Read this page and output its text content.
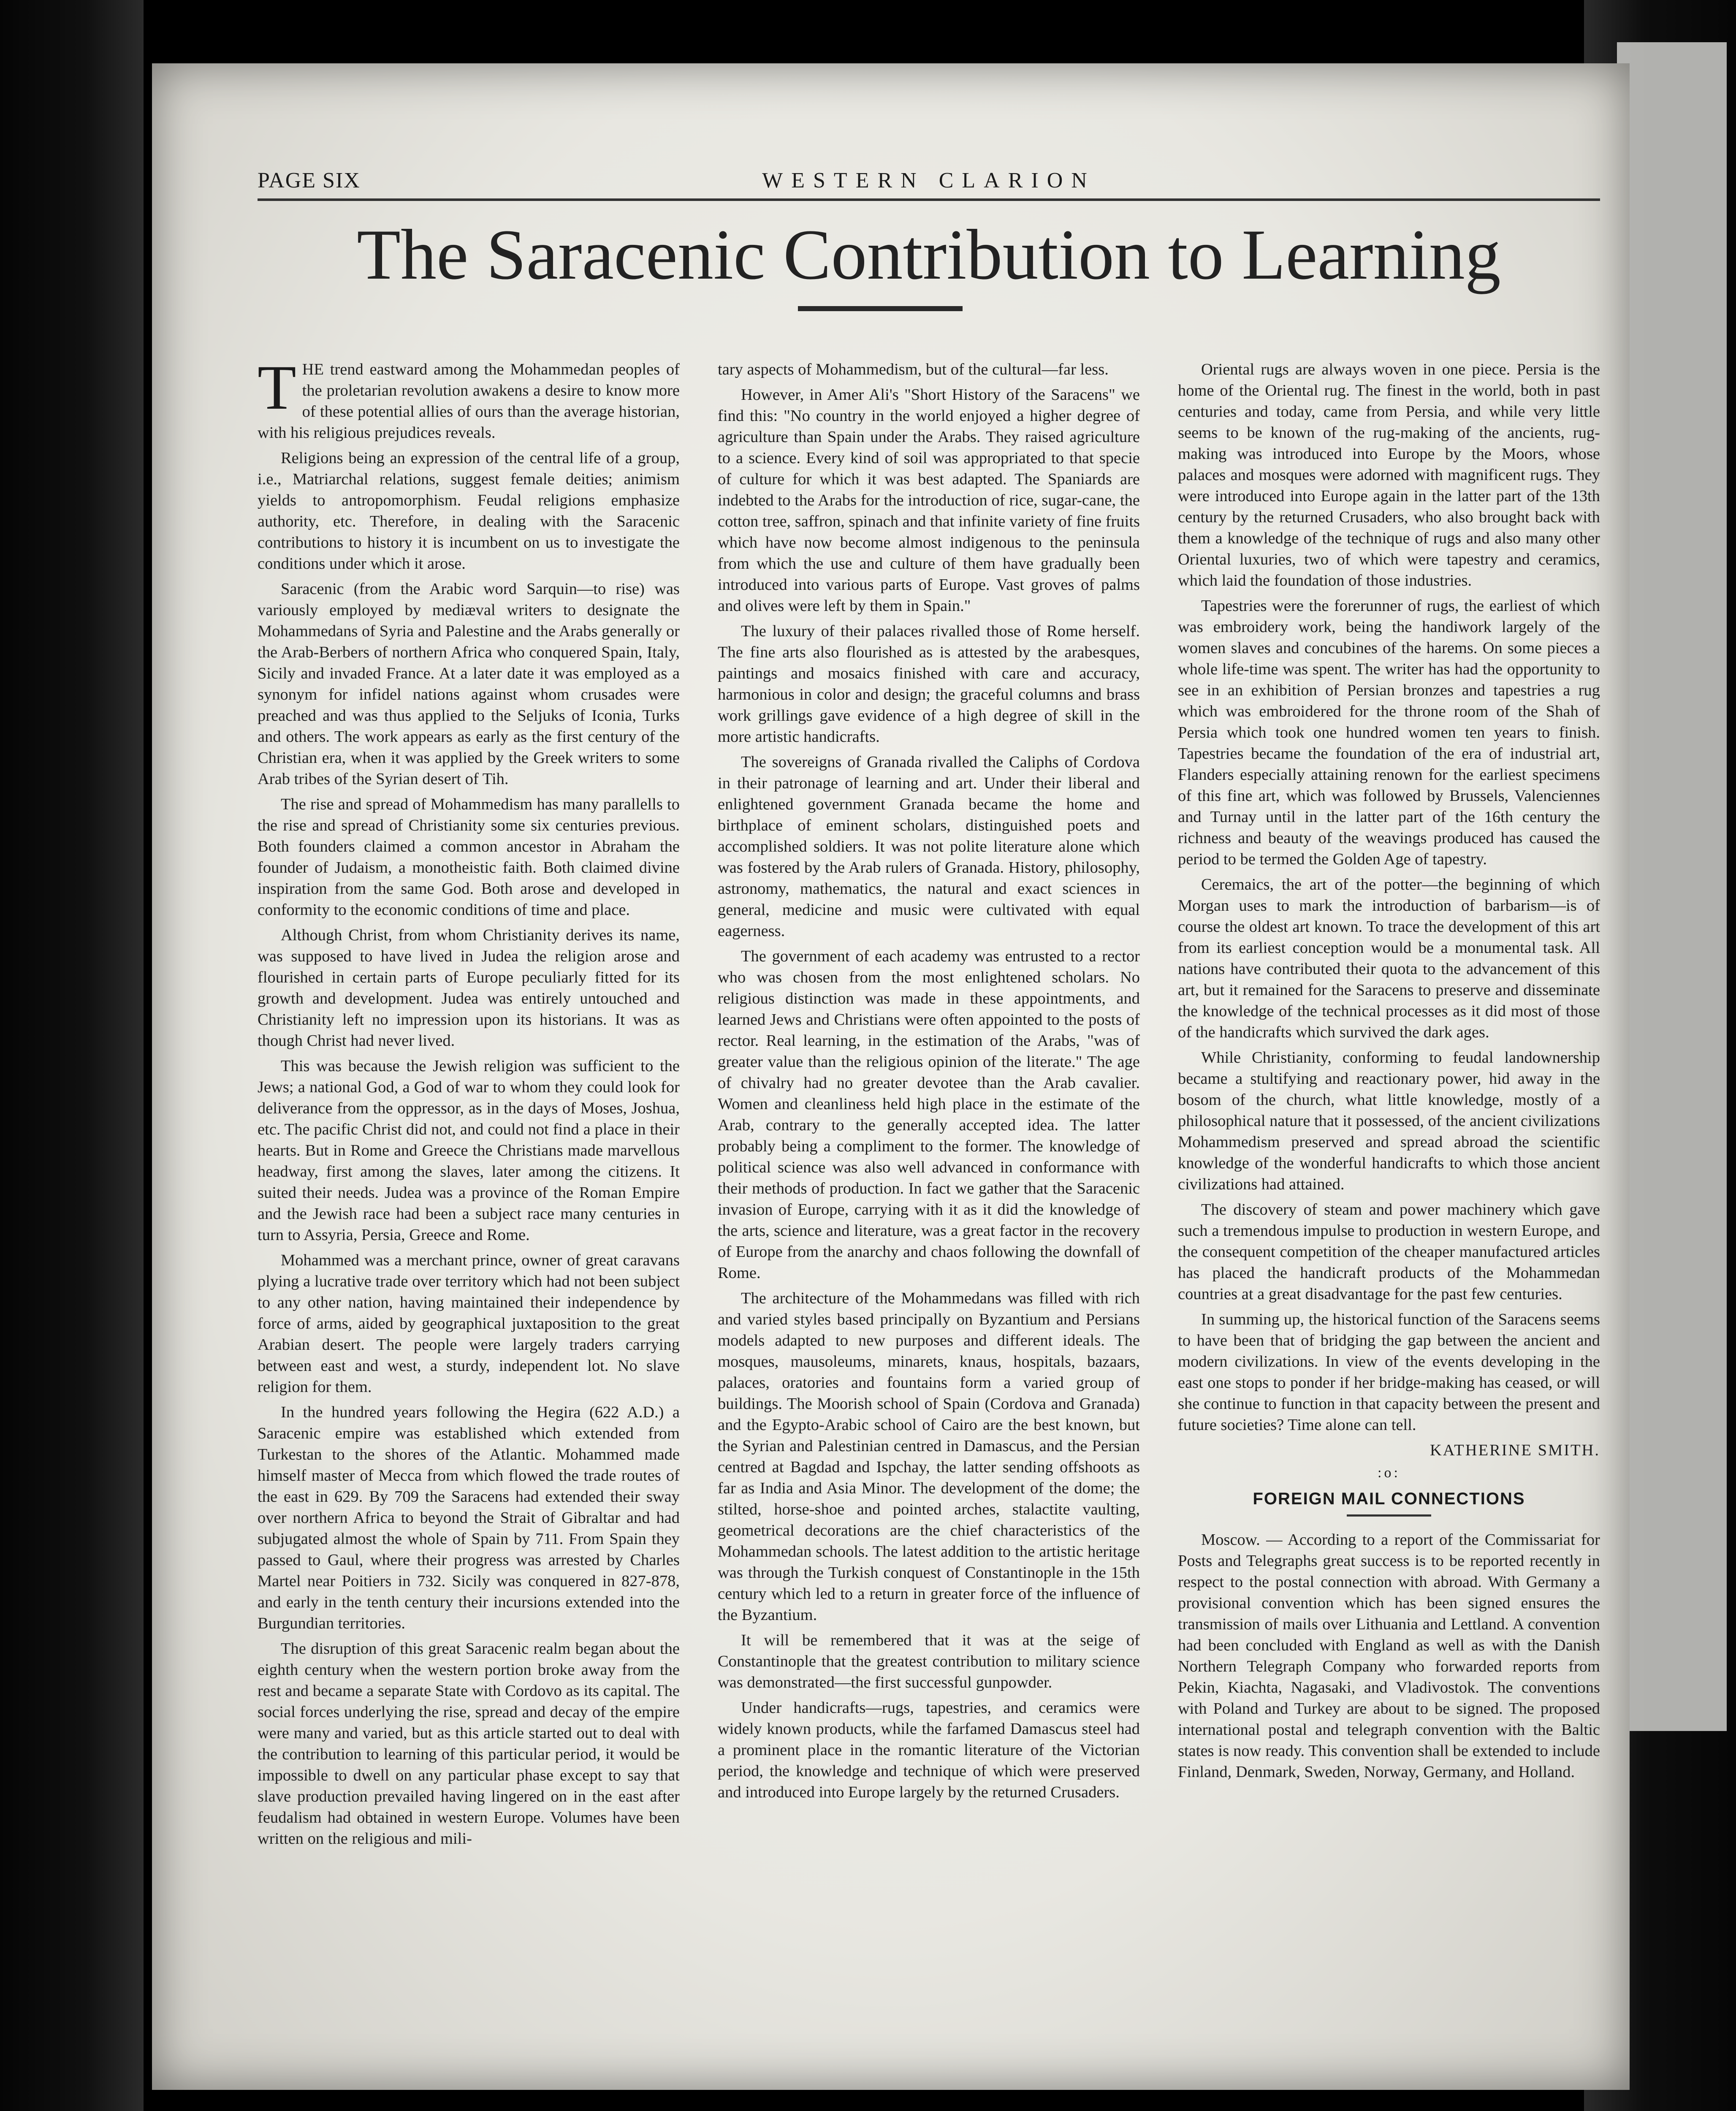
PAGE SIX	WESTERN CLARION
The Saracenic Contribution to Learning
T HE trend eastward among the Mohammedan peoples of the proletarian revolution awakens a desire to know more of these potential allies of ours than the average historian, with his religious prejudices reveals.

Religions being an expression of the central life of a group, i.e., Matriarchal relations, suggest female deities; animism yields to antropomorphism. Feudal religions emphasize authority, etc. Therefore, in dealing with the Saracenic contributions to history it is incumbent on us to investigate the conditions under which it arose.

Saracenic (from the Arabic word Sarquin—to rise) was variously employed by mediæval writers to designate the Mohammedans of Syria and Palestine and the Arabs generally or the Arab-Berbers of northern Africa who conquered Spain, Italy, Sicily and invaded France. At a later date it was employed as a synonym for infidel nations against whom crusades were preached and was thus applied to the Seljuks of Iconia, Turks and others. The work appears as early as the first century of the Christian era, when it was applied by the Greek writers to some Arab tribes of the Syrian desert of Tih.

The rise and spread of Mohammedism has many parallells to the rise and spread of Christianity some six centuries previous. Both founders claimed a common ancestor in Abraham the founder of Judaism, a monotheistic faith. Both claimed divine inspiration from the same God. Both arose and developed in conformity to the economic conditions of time and place.

Although Christ, from whom Christianity derives its name, was supposed to have lived in Judea the religion arose and flourished in certain parts of Europe peculiarly fitted for its growth and development. Judea was entirely untouched and Christianity left no impression upon its historians. It was as though Christ had never lived.

This was because the Jewish religion was sufficient to the Jews; a national God, a God of war to whom they could look for deliverance from the oppressor, as in the days of Moses, Joshua, etc. The pacific Christ did not, and could not find a place in their hearts. But in Rome and Greece the Christians made marvellous headway, first among the slaves, later among the citizens. It suited their needs. Judea was a province of the Roman Empire and the Jewish race had been a subject race many centuries in turn to Assyria, Persia, Greece and Rome.

Mohammed was a merchant prince, owner of great caravans plying a lucrative trade over territory which had not been subject to any other nation, having maintained their independence by force of arms, aided by geographical juxtaposition to the great Arabian desert. The people were largely traders carrying between east and west, a sturdy, independent lot. No slave religion for them.

In the hundred years following the Hegira (622 A.D.) a Saracenic empire was established which extended from Turkestan to the shores of the Atlantic. Mohammed made himself master of Mecca from which flowed the trade routes of the east in 629. By 709 the Saracens had extended their sway over northern Africa to beyond the Strait of Gibraltar and had subjugated almost the whole of Spain by 711. From Spain they passed to Gaul, where their progress was arrested by Charles Martel near Poitiers in 732. Sicily was conquered in 827-878, and early in the tenth century their incursions extended into the Burgundian territories.

The disruption of this great Saracenic realm began about the eighth century when the western portion broke away from the rest and became a separate State with Cordovo as its capital. The social forces underlying the rise, spread and decay of the empire were many and varied, but as this article started out to deal with the contribution to learning of this particular period, it would be impossible to dwell on any particular phase except to say that slave production prevailed having lingered on in the east after feudalism had obtained in western Europe. Volumes have been written on the religious and mili-

tary aspects of Mohammedism, but of the cultural—far less.

However, in Amer Ali's "Short History of the Saracens" we find this: "No country in the world enjoyed a higher degree of agriculture than Spain under the Arabs. They raised agriculture to a science. Every kind of soil was appropriated to that specie of culture for which it was best adapted. The Spaniards are indebted to the Arabs for the introduction of rice, sugar-cane, the cotton tree, saffron, spinach and that infinite variety of fine fruits which have now become almost indigenous to the peninsula from which the use and culture of them have gradually been introduced into various parts of Europe. Vast groves of palms and olives were left by them in Spain."

The luxury of their palaces rivalled those of Rome herself. The fine arts also flourished as is attested by the arabesques, paintings and mosaics finished with care and accuracy, harmonious in color and design; the graceful columns and brass work grillings gave evidence of a high degree of skill in the more artistic handicrafts.

The sovereigns of Granada rivalled the Caliphs of Cordova in their patronage of learning and art. Under their liberal and enlightened government Granada became the home and birthplace of eminent scholars, distinguished poets and accomplished soldiers. It was not polite literature alone which was fostered by the Arab rulers of Granada. History, philosophy, astronomy, mathematics, the natural and exact sciences in general, medicine and music were cultivated with equal eagerness.

The government of each academy was entrusted to a rector who was chosen from the most enlightened scholars. No religious distinction was made in these appointments, and learned Jews and Christians were often appointed to the posts of rector. Real learning, in the estimation of the Arabs, "was of greater value than the religious opinion of the literate." The age of chivalry had no greater devotee than the Arab cavalier. Women and cleanliness held high place in the estimate of the Arab, contrary to the generally accepted idea. The latter probably being a compliment to the former. The knowledge of political science was also well advanced in conformance with their methods of production. In fact we gather that the Saracenic invasion of Europe, carrying with it as it did the knowledge of the arts, science and literature, was a great factor in the recovery of Europe from the anarchy and chaos following the downfall of Rome.

The architecture of the Mohammedans was filled with rich and varied styles based principally on Byzantium and Persians models adapted to new purposes and different ideals. The mosques, mausoleums, minarets, knaus, hospitals, bazaars, palaces, oratories and fountains form a varied group of buildings. The Moorish school of Spain (Cordova and Granada) and the Egypto-Arabic school of Cairo are the best known, but the Syrian and Palestinian centred in Damascus, and the Persian centred at Bagdad and Ispchay, the latter sending offshoots as far as India and Asia Minor. The development of the dome; the stilted, horse-shoe and pointed arches, stalactite vaulting, geometrical decorations are the chief characteristics of the Mohammedan schools. The latest addition to the artistic heritage was through the Turkish conquest of Constantinople in the 15th century which led to a return in greater force of the influence of the Byzantium.

It will be remembered that it was at the seige of Constantinople that the greatest contribution to military science was demonstrated—the first successful gunpowder.

Under handicrafts—rugs, tapestries, and ceramics were widely known products, while the farfamed Damascus steel had a prominent place in the romantic literature of the Victorian period, the knowledge and technique of which were preserved and introduced into Europe largely by the returned Crusaders.

Oriental rugs are always woven in one piece. Persia is the home of the Oriental rug. The finest in the world, both in past centuries and today, came from Persia, and while very little seems to be known of the rug-making of the ancients, rug-making was introduced into Europe by the Moors, whose palaces and mosques were adorned with magnificent rugs. They were introduced into Europe again in the latter part of the 13th century by the returned Crusaders, who also brought back with them a knowledge of the technique of rugs and also many other Oriental luxuries, two of which were tapestry and ceramics, which laid the foundation of those industries.

Tapestries were the forerunner of rugs, the earliest of which was embroidery work, being the handiwork largely of the women slaves and concubines of the harems. On some pieces a whole life-time was spent. The writer has had the opportunity to see in an exhibition of Persian bronzes and tapestries a rug which was embroidered for the throne room of the Shah of Persia which took one hundred women ten years to finish. Tapestries became the foundation of the era of industrial art, Flanders especially attaining renown for the earliest specimens of this fine art, which was followed by Brussels, Valenciennes and Turnay until in the latter part of the 16th century the richness and beauty of the weavings produced has caused the period to be termed the Golden Age of tapestry.

Ceremaics, the art of the potter—the beginning of which Morgan uses to mark the introduction of barbarism—is of course the oldest art known. To trace the development of this art from its earliest conception would be a monumental task. All nations have contributed their quota to the advancement of this art, but it remained for the Saracens to preserve and disseminate the knowledge of the technical processes as it did most of those of the handicrafts which survived the dark ages.

While Christianity, conforming to feudal landownership became a stultifying and reactionary power, hid away in the bosom of the church, what little knowledge, mostly of a philosophical nature that it possessed, of the ancient civilizations Mohammedism preserved and spread abroad the scientific knowledge of the wonderful handicrafts to which those ancient civilizations had attained.

The discovery of steam and power machinery which gave such a tremendous impulse to production in western Europe, and the consequent competition of the cheaper manufactured articles has placed the handicraft products of the Mohammedan countries at a great disadvantage for the past few centuries.

In summing up, the historical function of the Saracens seems to have been that of bridging the gap between the ancient and modern civilizations. In view of the events developing in the east one stops to ponder if her bridge-making has ceased, or will she continue to function in that capacity between the present and future societies? Time alone can tell.

KATHERINE SMITH.

:o:
FOREIGN MAIL CONNECTIONS

Moscow. — According to a report of the Commissariat for Posts and Telegraphs great success is to be reported recently in respect to the postal connection with abroad. With Germany a provisional convention which has been signed ensures the transmission of mails over Lithuania and Lettland. A convention had been concluded with England as well as with the Danish Northern Telegraph Company who forwarded reports from Pekin, Kiachta, Nagasaki, and Vladivostok. The conventions with Poland and Turkey are about to be signed. The proposed international postal and telegraph convention with the Baltic states is now ready. This convention shall be extended to include Finland, Denmark, Sweden, Norway, Germany, and Holland.
